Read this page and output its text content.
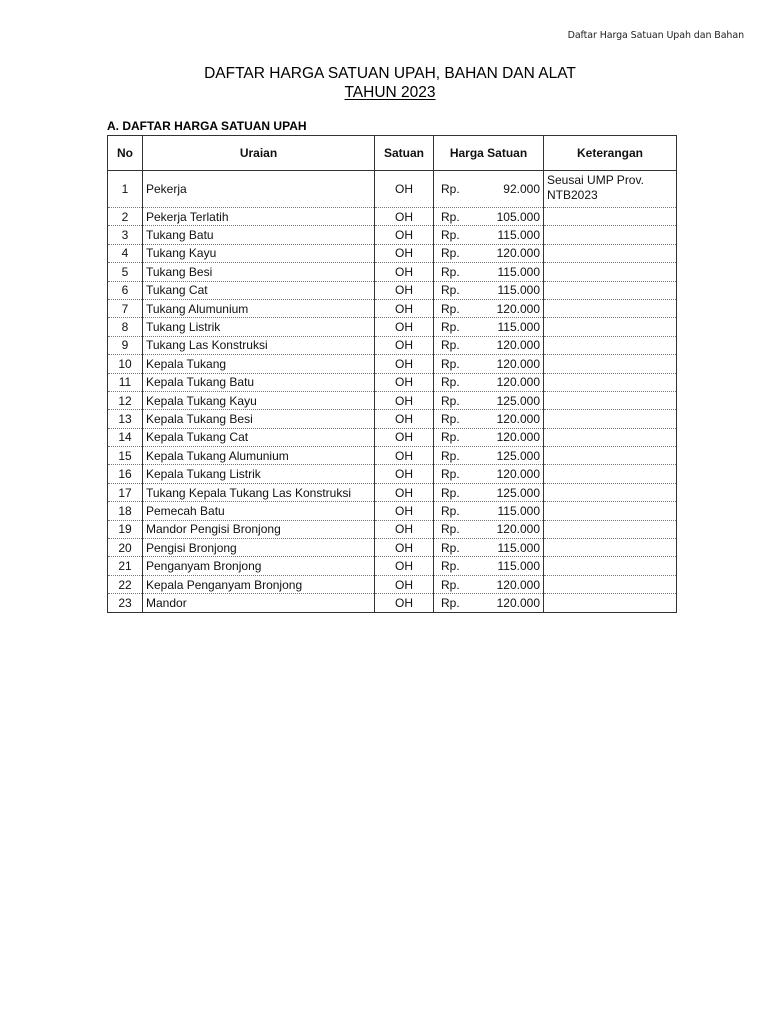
Daftar Harga Satuan Upah dan Bahan
DAFTAR HARGA SATUAN UPAH, BAHAN DAN ALAT
TAHUN 2023
A. DAFTAR HARGA SATUAN UPAH
No	Uraian	Satuan	Harga Satuan	Keterangan
1	Pekerja	OH	Rp. 92.000	Seusai UMP Prov. NTB2023
2	Pekerja Terlatih	OH	Rp. 105.000	

3	Tukang Batu	OH	Rp. 115.000	

4	Tukang Kayu	OH	Rp. 120.000	

5	Tukang Besi	OH	Rp. 115.000	

6	Tukang Cat	OH	Rp. 115.000	

7	Tukang Alumunium	OH	Rp. 120.000	

8	Tukang Listrik	OH	Rp. 115.000	

9	Tukang Las Konstruksi	OH	Rp. 120.000	

10	Kepala Tukang	OH	Rp. 120.000	

11	Kepala Tukang Batu	OH	Rp. 120.000	

12	Kepala Tukang Kayu	OH	Rp. 125.000	

13	Kepala Tukang Besi	OH	Rp. 120.000	

14	Kepala Tukang Cat	OH	Rp. 120.000	

15	Kepala Tukang Alumunium	OH	Rp. 125.000	

16	Kepala Tukang Listrik	OH	Rp. 120.000	

17	Tukang Kepala Tukang Las Konstruksi	OH	Rp. 125.000	

18	Pemecah Batu	OH	Rp. 115.000	

19	Mandor Pengisi Bronjong	OH	Rp. 120.000	

20	Pengisi Bronjong	OH	Rp. 115.000	

21	Penganyam Bronjong	OH	Rp. 115.000	

22	Kepala Penganyam Bronjong	OH	Rp. 120.000	

23	Mandor	OH	Rp. 120.000	
